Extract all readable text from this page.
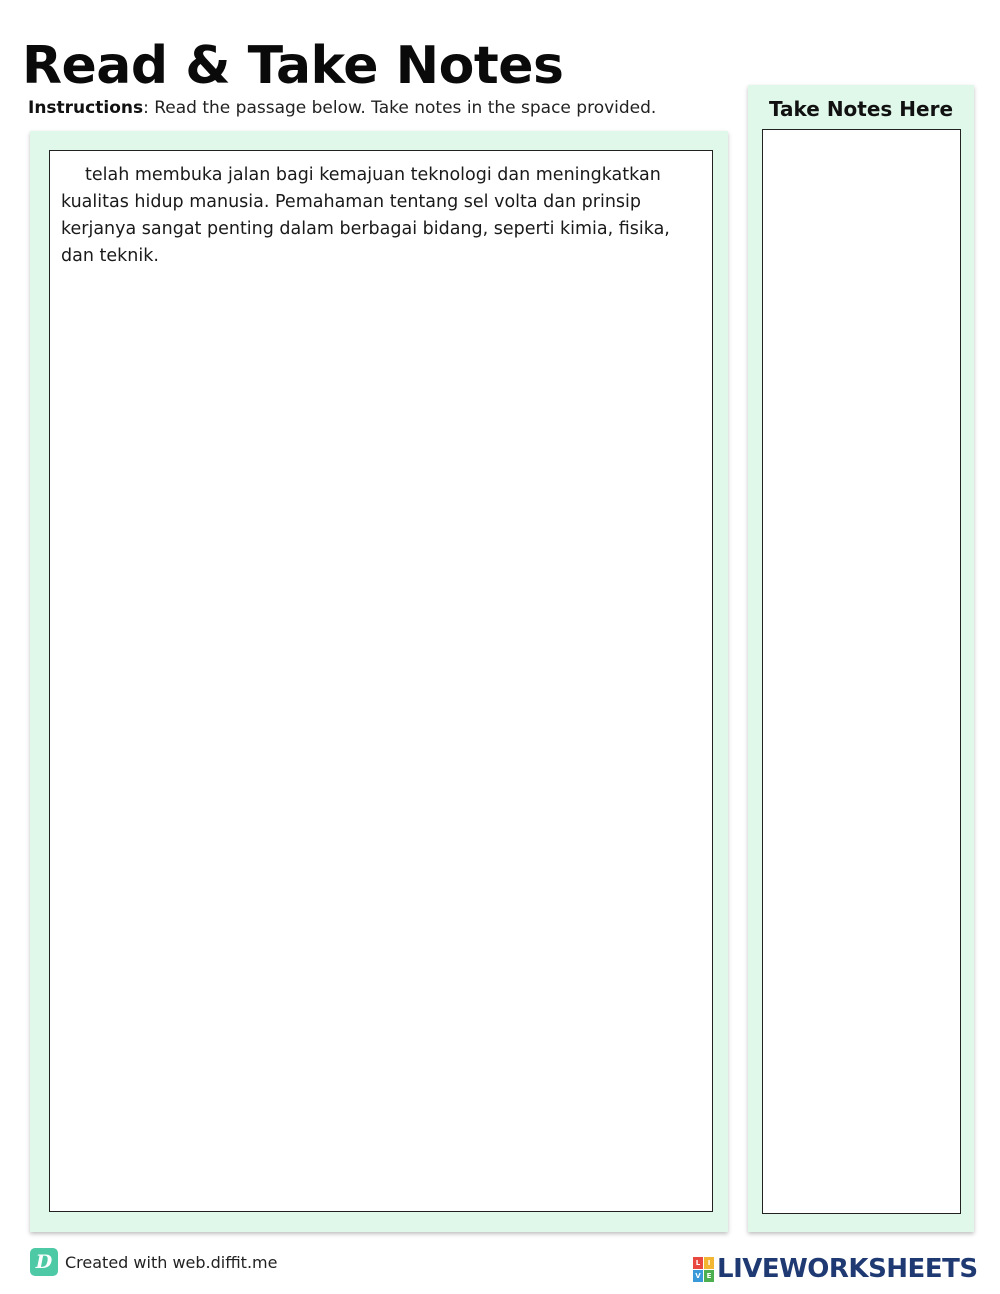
Read & Take Notes
Instructions: Read the passage below. Take notes in the space provided.

telah membuka jalan bagi kemajuan teknologi dan meningkatkan kualitas hidup manusia. Pemahaman tentang sel volta dan prinsip kerjanya sangat penting dalam berbagai bidang, seperti kimia, fisika, dan teknik.

Take Notes Here
D Created with web.diffit.me	L	I
V E LIVEWORKSHEETS
